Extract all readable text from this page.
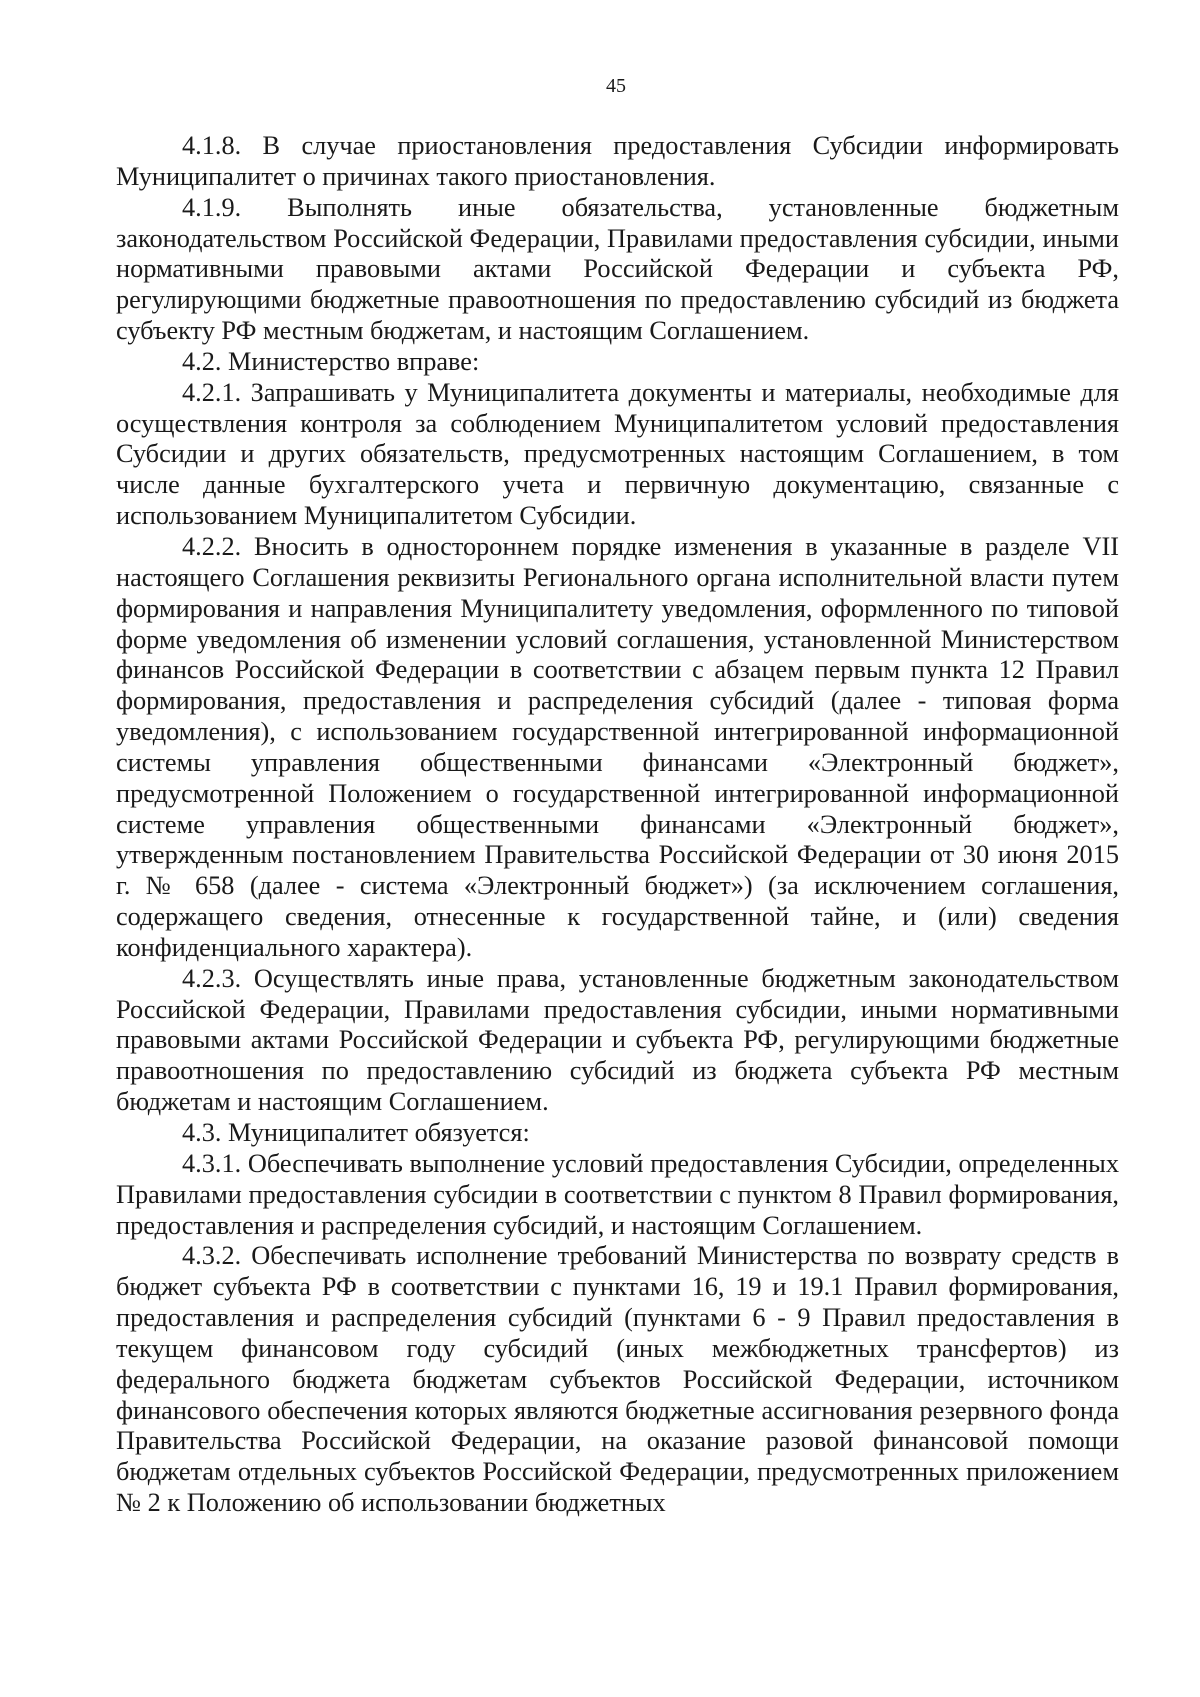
45

4.1.8. В случае приостановления предоставления Субсидии информировать Муниципалитет о причинах такого приостановления.

4.1.9. Выполнять иные обязательства, установленные бюджетным законодательством Российской Федерации, Правилами предоставления субсидии, иными нормативными правовыми актами Российской Федерации и субъекта РФ, регулирующими бюджетные правоотношения по предоставлению субсидий из бюджета субъекту РФ местным бюджетам, и настоящим Соглашением.

4.2. Министерство вправе:

4.2.1. Запрашивать у Муниципалитета документы и материалы, необходимые для осуществления контроля за соблюдением Муниципалитетом условий предоставления Субсидии и других обязательств, предусмотренных настоящим Соглашением, в том числе данные бухгалтерского учета и первичную документацию, связанные с использованием Муниципалитетом Субсидии.

4.2.2. Вносить в одностороннем порядке изменения в указанные в разделе VII настоящего Соглашения реквизиты Регионального органа исполнительной власти путем формирования и направления Муниципалитету уведомления, оформленного по типовой форме уведомления об изменении условий соглашения, установленной Министерством финансов Российской Федерации в соответствии с абзацем первым пункта 12 Правил формирования, предоставления и распределения субсидий (далее - типовая форма уведомления), с использованием государственной интегрированной информационной системы управления общественными финансами «Электронный бюджет», предусмотренной Положением о государственной интегрированной информационной системе управления общественными финансами «Электронный бюджет», утвержденным постановлением Правительства Российской Федерации от 30 июня 2015 г. № 658 (далее - система «Электронный бюджет») (за исключением соглашения, содержащего сведения, отнесенные к государственной тайне, и (или) сведения конфиденциального характера).

4.2.3. Осуществлять иные права, установленные бюджетным законодательством Российской Федерации, Правилами предоставления субсидии, иными нормативными правовыми актами Российской Федерации и субъекта РФ, регулирующими бюджетные правоотношения по предоставлению субсидий из бюджета субъекта РФ местным бюджетам и настоящим Соглашением.

4.3. Муниципалитет обязуется:

4.3.1. Обеспечивать выполнение условий предоставления Субсидии, определенных Правилами предоставления субсидии в соответствии с пунктом 8 Правил формирования, предоставления и распределения субсидий, и настоящим Соглашением.

4.3.2. Обеспечивать исполнение требований Министерства по возврату средств в бюджет субъекта РФ в соответствии с пунктами 16, 19 и 19.1 Правил формирования, предоставления и распределения субсидий (пунктами 6 - 9 Правил предоставления в текущем финансовом году субсидий (иных межбюджетных трансфертов) из федерального бюджета бюджетам субъектов Российской Федерации, источником финансового обеспечения которых являются бюджетные ассигнования резервного фонда Правительства Российской Федерации, на оказание разовой финансовой помощи бюджетам отдельных субъектов Российской Федерации, предусмотренных приложением № 2 к Положению об использовании бюджетных
